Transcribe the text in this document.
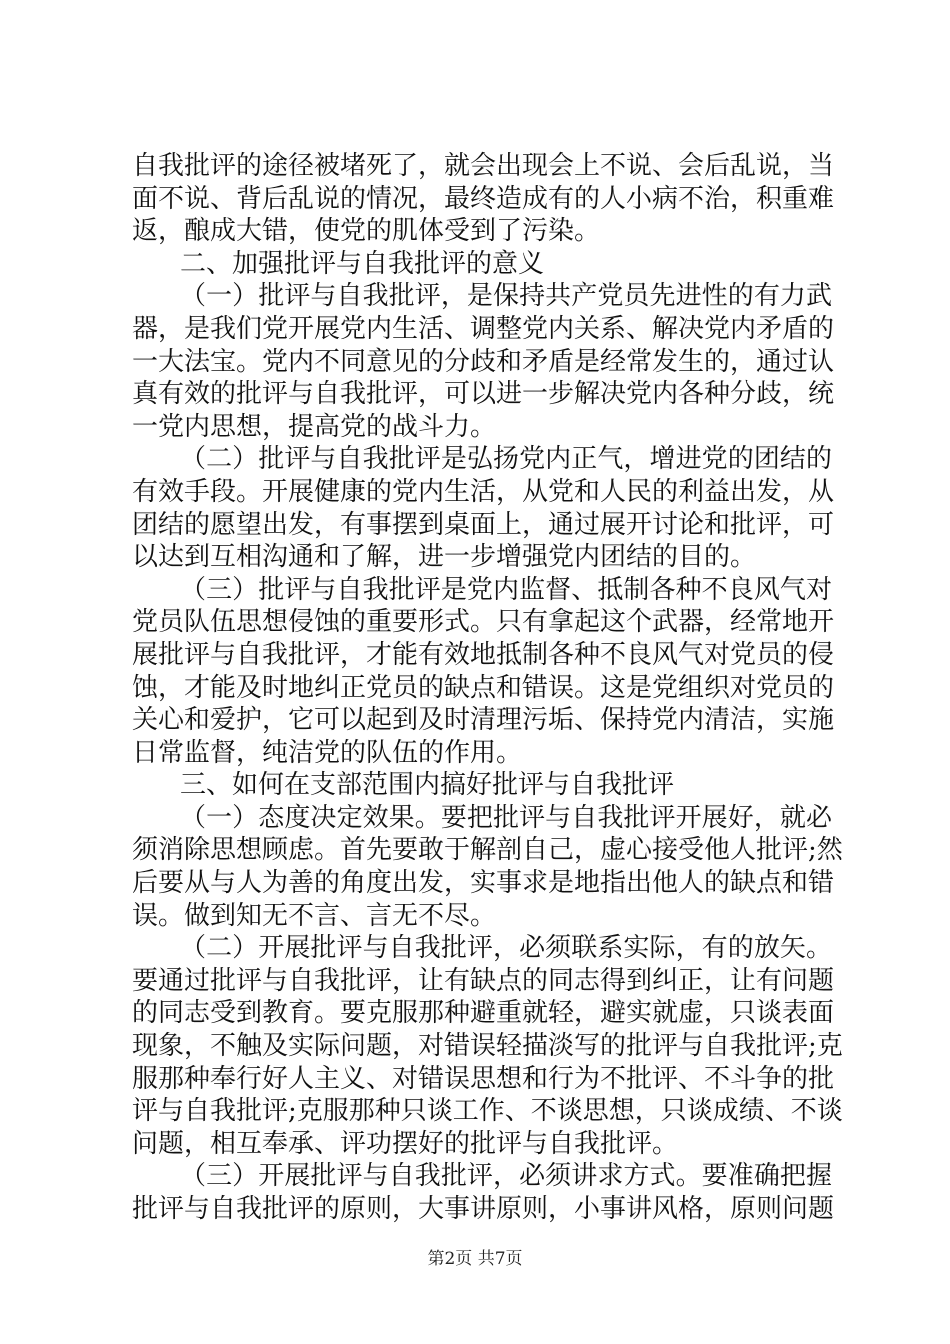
自我批评的途径被堵死了，就会出现会上不说、会后乱说，当
面不说、背后乱说的情况，最终造成有的人小病不治，积重难
返，酿成大错，使党的肌体受到了污染。
二、加强批评与自我批评的意义
（一）批评与自我批评，是保持共产党员先进性的有力武
器，是我们党开展党内生活、调整党内关系、解决党内矛盾的
一大法宝。党内不同意见的分歧和矛盾是经常发生的，通过认
真有效的批评与自我批评，可以进一步解决党内各种分歧，统
一党内思想，提高党的战斗力。
（二）批评与自我批评是弘扬党内正气，增进党的团结的
有效手段。开展健康的党内生活，从党和人民的利益出发，从
团结的愿望出发，有事摆到桌面上，通过展开讨论和批评，可
以达到互相沟通和了解，进一步增强党内团结的目的。
（三）批评与自我批评是党内监督、抵制各种不良风气对
党员队伍思想侵蚀的重要形式。只有拿起这个武器，经常地开
展批评与自我批评，才能有效地抵制各种不良风气对党员的侵
蚀，才能及时地纠正党员的缺点和错误。这是党组织对党员的
关心和爱护，它可以起到及时清理污垢、保持党内清洁，实施
日常监督，纯洁党的队伍的作用。
三、如何在支部范围内搞好批评与自我批评
（一）态度决定效果。要把批评与自我批评开展好，就必
须消除思想顾虑。首先要敢于解剖自己，虚心接受他人批评;然
后要从与人为善的角度出发，实事求是地指出他人的缺点和错
误。做到知无不言、言无不尽。
（二）开展批评与自我批评，必须联系实际，有的放矢。
要通过批评与自我批评，让有缺点的同志得到纠正，让有问题
的同志受到教育。要克服那种避重就轻，避实就虚，只谈表面
现象，不触及实际问题，对错误轻描淡写的批评与自我批评;克
服那种奉行好人主义、对错误思想和行为不批评、不斗争的批
评与自我批评;克服那种只谈工作、不谈思想，只谈成绩、不谈
问题，相互奉承、评功摆好的批评与自我批评。
（三）开展批评与自我批评，必须讲求方式。要准确把握
批评与自我批评的原则，大事讲原则，小事讲风格，原则问题
第2页 共7页
